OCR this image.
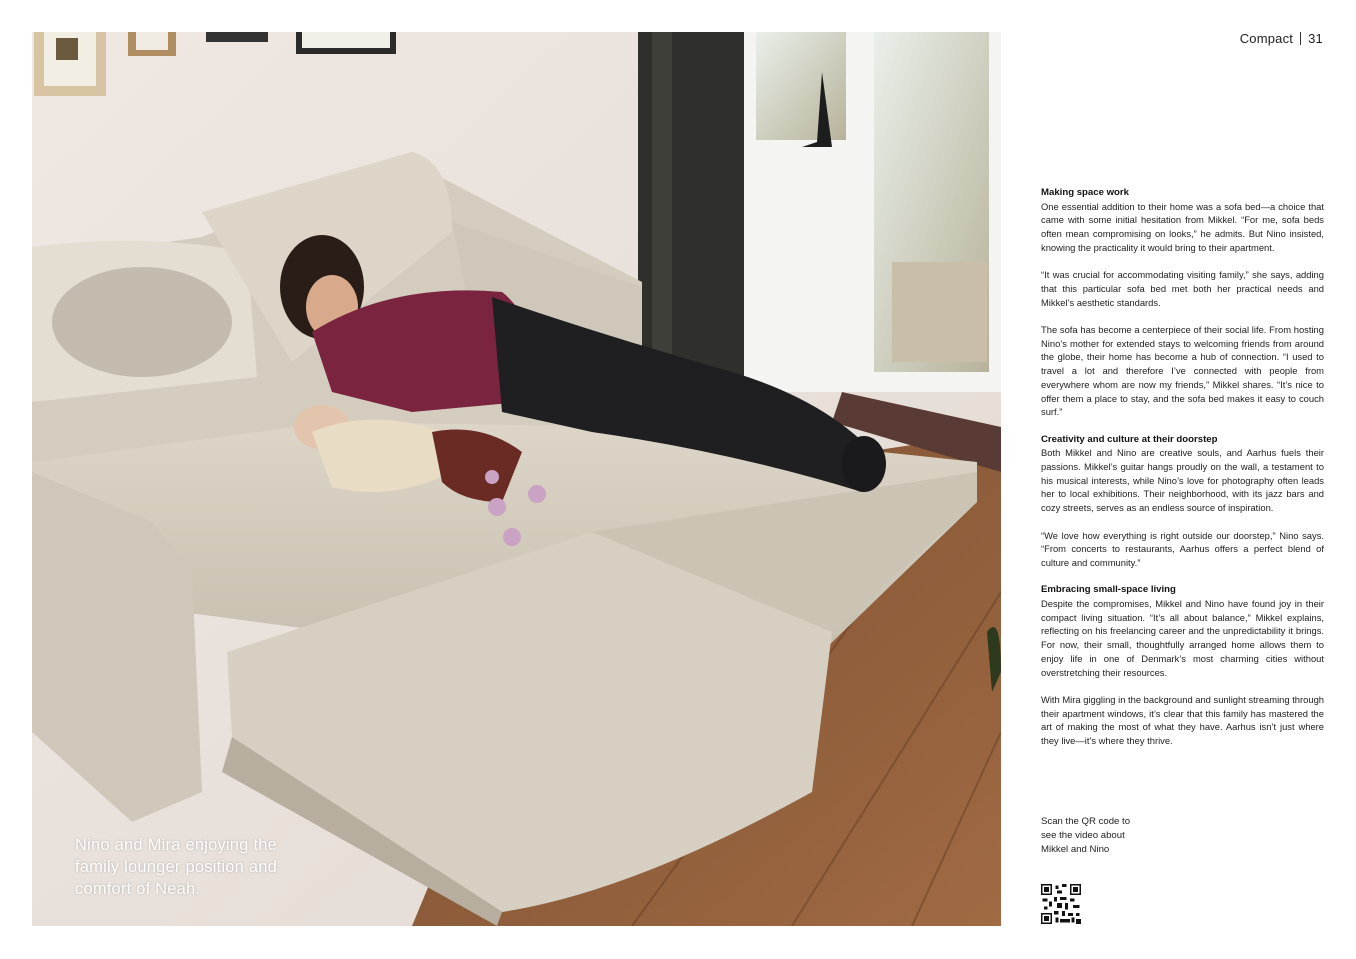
Nino and Mira enjoying the family lounger position and comfort of Neah.
Compact 31
Making space work

One essential addition to their home was a sofa bed—a choice that came with some initial hesitation from Mikkel. “For me, sofa beds often mean compromising on looks,” he admits. But Nino insisted, knowing the practicality it would bring to their apartment.

“It was crucial for accommodating visiting family,” she says, adding that this particular sofa bed met both her practical needs and Mikkel’s aesthetic standards.

The sofa has become a centerpiece of their social life. From hosting Nino’s mother for extended stays to welcoming friends from around the globe, their home has become a hub of connection. “I used to travel a lot and therefore I’ve connected with people from everywhere whom are now my friends,” Mikkel shares. “It’s nice to offer them a place to stay, and the sofa bed makes it easy to couch surf.”

Creativity and culture at their doorstep

Both Mikkel and Nino are creative souls, and Aarhus fuels their passions. Mikkel’s guitar hangs proudly on the wall, a testament to his musical interests, while Nino’s love for photography often leads her to local exhibitions. Their neighborhood, with its jazz bars and cozy streets, serves as an endless source of inspiration.

“We love how everything is right outside our doorstep,” Nino says. “From concerts to restaurants, Aarhus offers a perfect blend of culture and community.”

Embracing small-space living

Despite the compromises, Mikkel and Nino have found joy in their compact living situation. “It’s all about balance,” Mikkel explains, reflecting on his freelancing career and the unpredictability it brings. For now, their small, thoughtfully arranged home allows them to enjoy life in one of Denmark’s most charming cities without overstretching their resources.

With Mira giggling in the background and sunlight streaming through their apartment windows, it’s clear that this family has mastered the art of making the most of what they have. Aarhus isn’t just where they live—it’s where they thrive.

Scan the QR code to
see the video about
Mikkel and Nino
